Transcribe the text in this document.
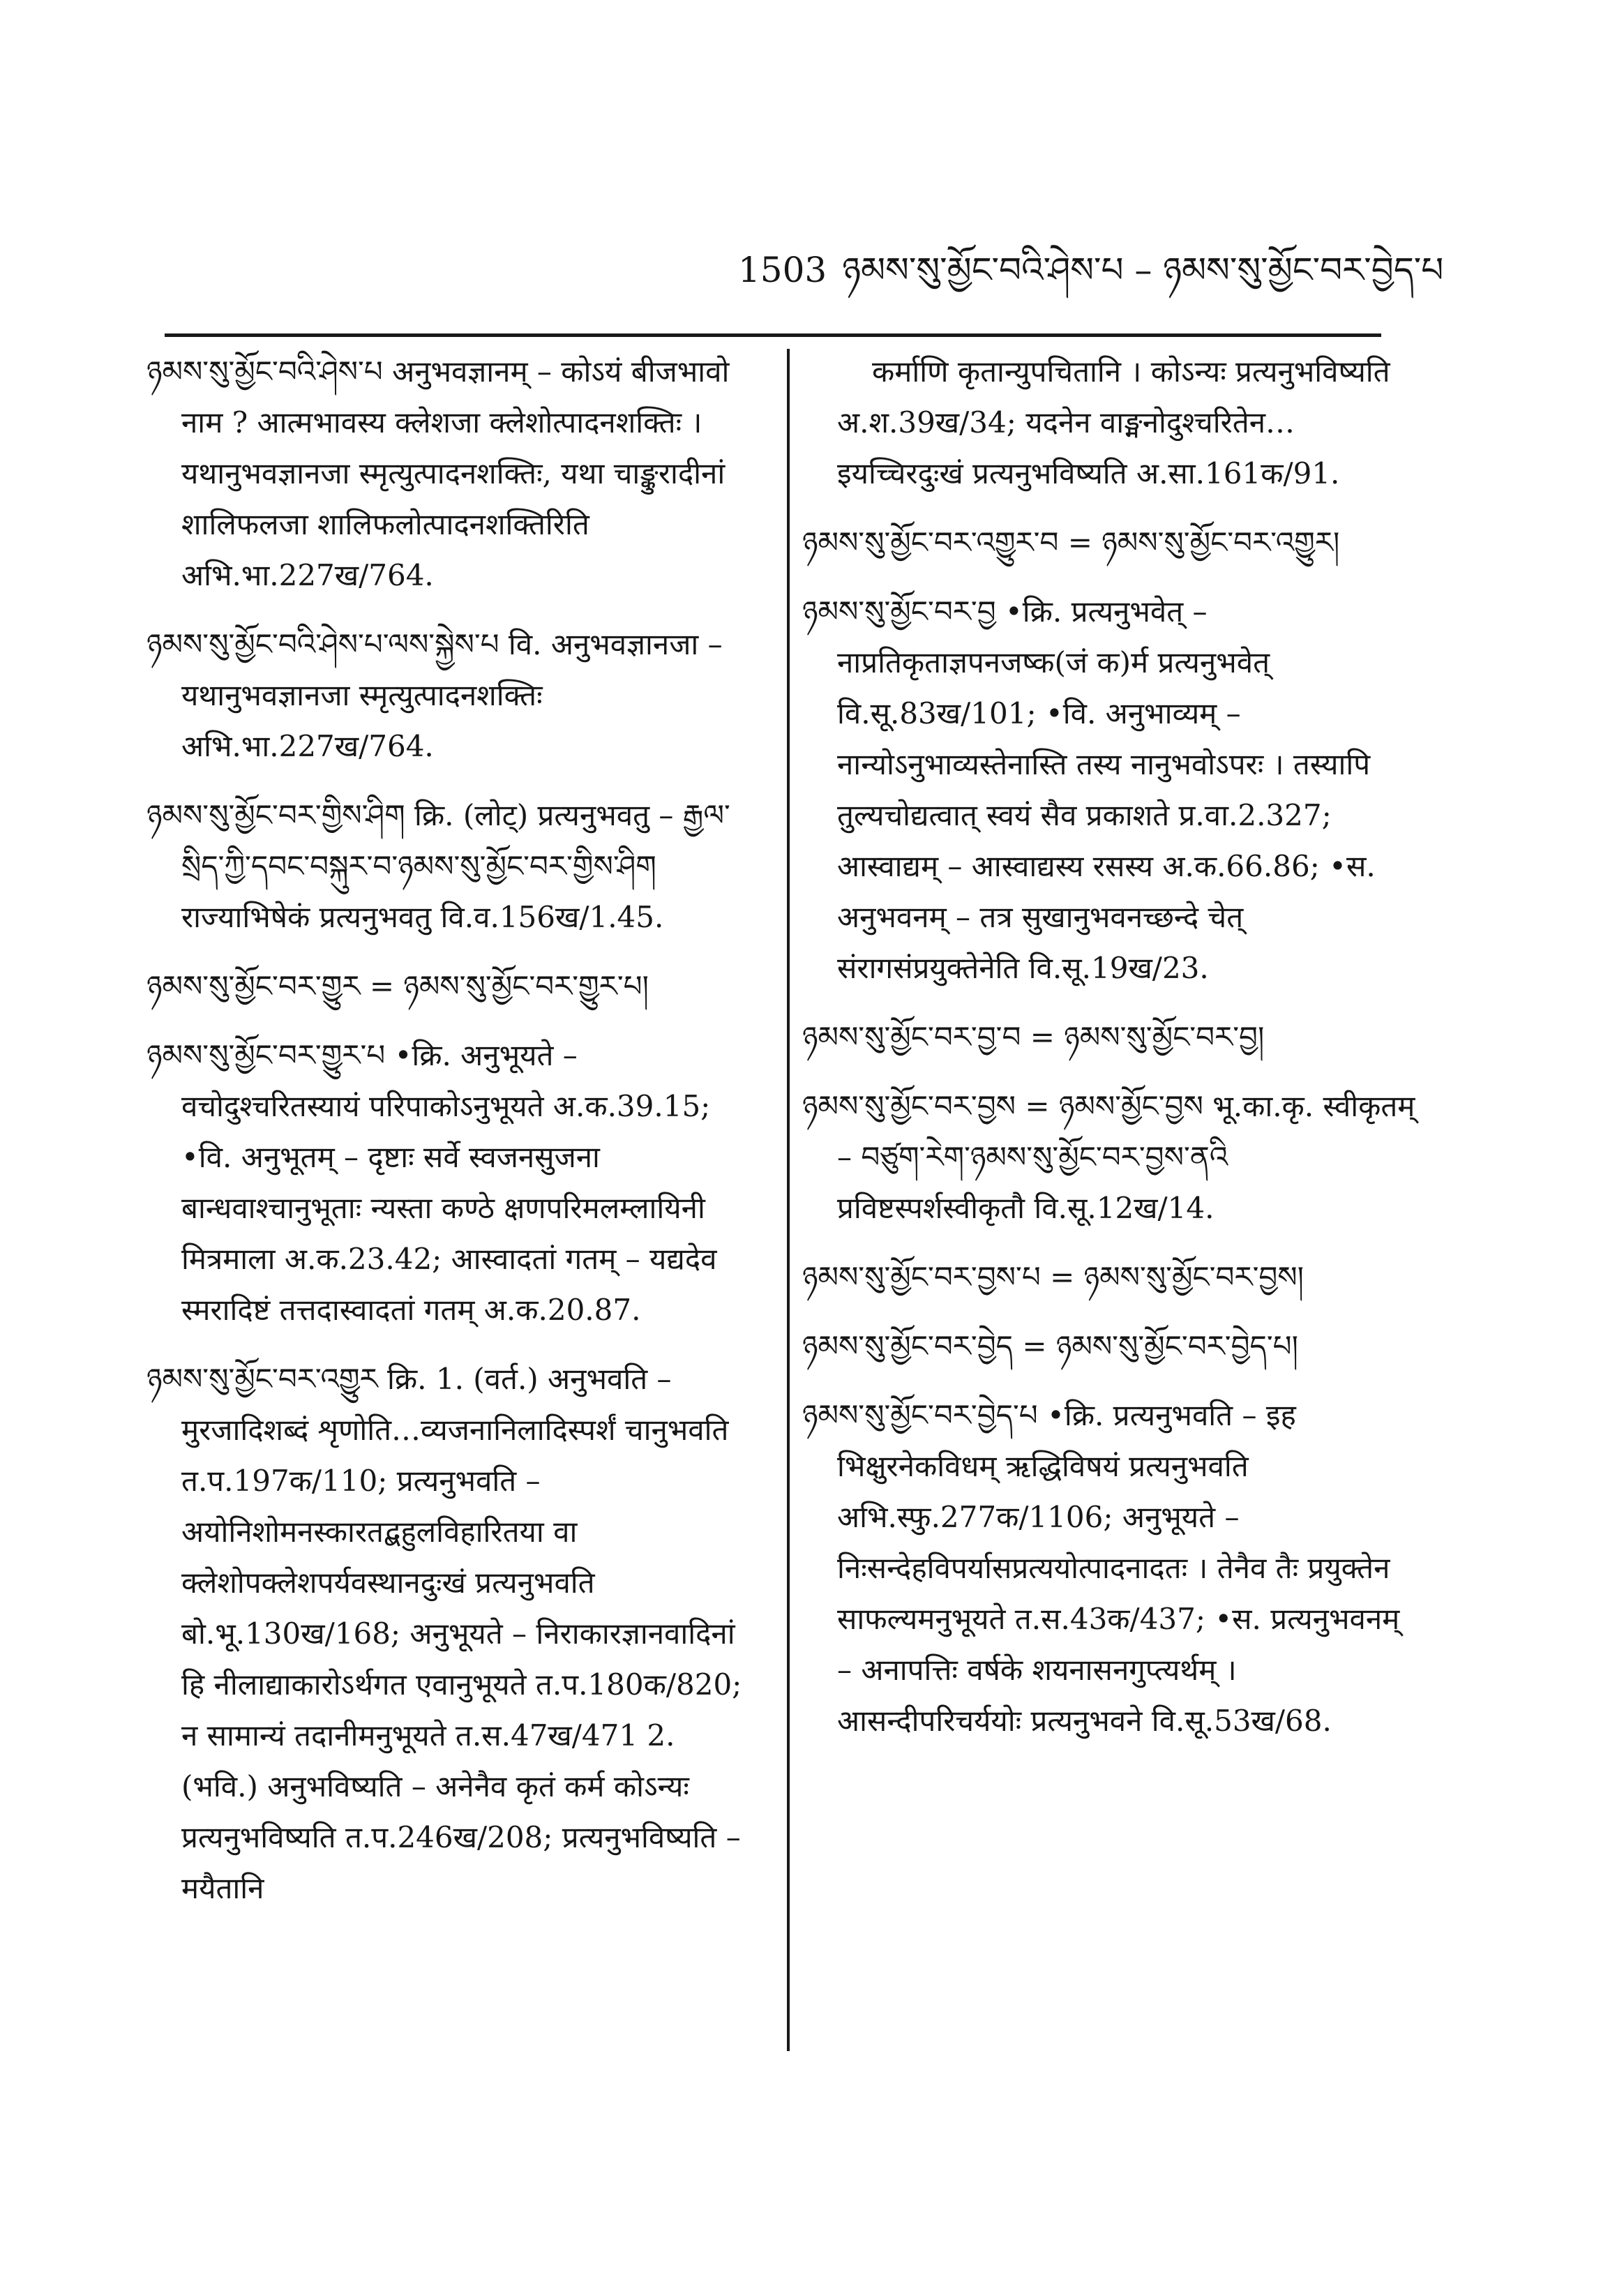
1503 ཉམས་སུ་མྱོང་བའི་ཤེས་པ – ཉམས་སུ་མྱོང་བར་བྱེད་པ

ཉམས་སུ་མྱོང་བའི་ཤེས་པ अनुभवज्ञानम् – कोऽयं बीजभावो नाम ? आत्मभावस्य क्लेशजा क्लेशोत्पादनशक्तिः । यथानुभवज्ञानजा स्मृत्युत्पादनशक्तिः, यथा चाङ्कुरादीनां शालिफलजा शालिफलोत्पादनशक्तिरिति अभि.भा.227ख/764.

ཉམས་སུ་མྱོང་བའི་ཤེས་པ་ལས་སྐྱེས་པ वि. अनुभवज्ञानजा – यथानुभवज्ञानजा स्मृत्युत्पादनशक्तिः अभि.भा.227ख/764.

ཉམས་སུ་མྱོང་བར་གྱིས་ཤིག क्रि. (लोट्) प्रत्यनुभवतु – རྒྱལ་སྲིད་ཀྱི་དབང་བསྐུར་བ་ཉམས་སུ་མྱོང་བར་གྱིས་ཤིག राज्याभिषेकं प्रत्यनुभवतु वि.व.156ख/1.45.

ཉམས་སུ་མྱོང་བར་གྱུར = ཉམས་སུ་མྱོང་བར་གྱུར་པ།

ཉམས་སུ་མྱོང་བར་གྱུར་པ •क्रि. अनुभूयते – वचोदुश्चरितस्यायं परिपाकोऽनुभूयते अ.क.39.15; •वि. अनुभूतम् – दृष्टाः सर्वे स्वजनसुजना बान्धवाश्चानुभूताः न्यस्ता कण्ठे क्षणपरिमलम्लायिनी मित्रमाला अ.क.23.42; आस्वादतां गतम् – यद्यदेव स्मरादिष्टं तत्तदास्वादतां गतम् अ.क.20.87.

ཉམས་སུ་མྱོང་བར་འགྱུར क्रि. 1. (वर्त.) अनुभवति – मुरजादिशब्दं शृणोति…व्यजनानिलादिस्पर्शं चानुभवति त.प.197क/110; प्रत्यनुभवति – अयोनिशोमनस्कारतद्बहुलविहारितया वा क्लेशोपक्लेशपर्यवस्थानदुःखं प्रत्यनुभवति बो.भू.130ख/168; अनुभूयते – निराकारज्ञानवादिनां हि नीलाद्याकारोऽर्थगत एवानुभूयते त.प.180क/820; न सामान्यं तदानीमनुभूयते त.स.47ख/471 2. (भवि.) अनुभविष्यति – अनेनैव कृतं कर्म कोऽन्यः प्रत्यनुभविष्यति त.प.246ख/208; प्रत्यनुभविष्यति – मयैतानि

कर्माणि कृतान्युपचितानि । कोऽन्यः प्रत्यनुभविष्यति अ.श.39ख/34; यदनेन वाङ्मनोदुश्चरितेन… इयच्चिरदुःखं प्रत्यनुभविष्यति अ.सा.161क/91.

ཉམས་སུ་མྱོང་བར་འགྱུར་བ = ཉམས་སུ་མྱོང་བར་འགྱུར།

ཉམས་སུ་མྱོང་བར་བྱ •क्रि. प्रत्यनुभवेत् – नाप्रतिकृताज्ञपनजष्क(जं क)र्म प्रत्यनुभवेत् वि.सू.83ख/101; •वि. अनुभाव्यम् – नान्योऽनुभाव्यस्तेनास्ति तस्य नानुभवोऽपरः । तस्यापि तुल्यचोद्यत्वात् स्वयं सैव प्रकाशते प्र.वा.2.327; आस्वाद्यम् – आस्वाद्यस्य रसस्य अ.क.66.86; •स. अनुभवनम् – तत्र सुखानुभवनच्छन्दे चेत् संरागसंप्रयुक्तेनेति वि.सू.19ख/23.

ཉམས་སུ་མྱོང་བར་བྱ་བ = ཉམས་སུ་མྱོང་བར་བྱ།

ཉམས་སུ་མྱོང་བར་བྱས = ཉམས་མྱོང་བྱས भू.का.कृ. स्वीकृतम् – བཙུག་རེག་ཉམས་སུ་མྱོང་བར་བྱས་ནའི प्रविष्टस्पर्शस्वीकृतौ वि.सू.12ख/14.

ཉམས་སུ་མྱོང་བར་བྱས་པ = ཉམས་སུ་མྱོང་བར་བྱས།

ཉམས་སུ་མྱོང་བར་བྱེད = ཉམས་སུ་མྱོང་བར་བྱེད་པ།

ཉམས་སུ་མྱོང་བར་བྱེད་པ •क्रि. प्रत्यनुभवति – इह भिक्षुरनेकविधम् ऋद्धिविषयं प्रत्यनुभवति अभि.स्फु.277क/1106; अनुभूयते – निःसन्देहविपर्यासप्रत्ययोत्पादनादतः । तेनैव तैः प्रयुक्तेन साफल्यमनुभूयते त.स.43क/437; •स. प्रत्यनुभवनम् – अनापत्तिः वर्षके शयनासनगुप्त्यर्थम् । आसन्दीपरिचर्ययोः प्रत्यनुभवने वि.सू.53ख/68.
